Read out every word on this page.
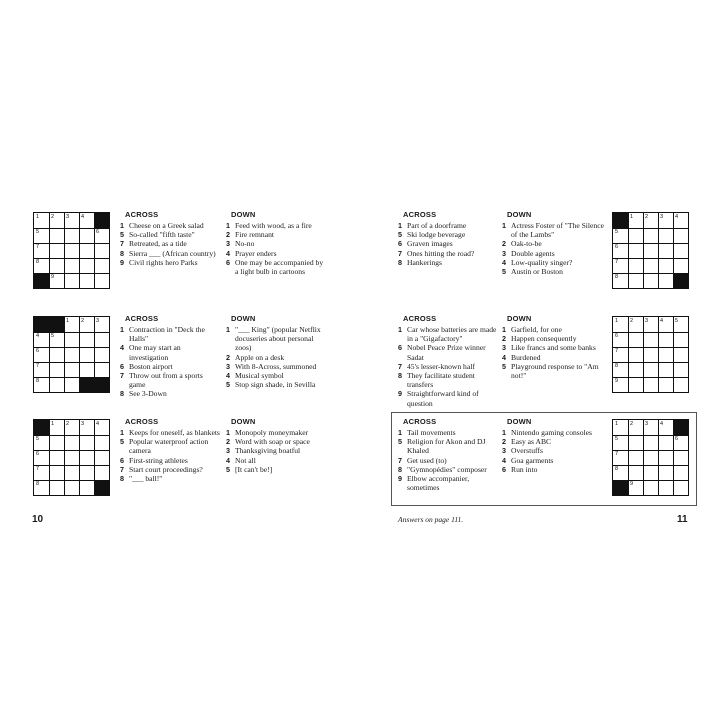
1 2 3 4
5	6
7
8
9
ACROSS
1 Cheese on a Greek salad
5 So-called "fifth taste"
7 Retreated, as a tide
8 Sierra ___ (African country)
9 Civil rights hero Parks
DOWN
1 Feed with wood, as a fire
2 Fire remnant
3 No-no
4 Prayer enders
6 One may be accompanied by a light bulb in cartoons
1 2 3
4 5
6
7
8
ACROSS
1 Contraction in "Deck the Halls"
4 One may start an investigation
6 Boston airport
7 Throw out from a sports game
8 See 3-Down
DOWN
1 "___ King" (popular Netflix docuseries about personal zoos)
2 Apple on a desk
3 With 8-Across, summoned
4 Musical symbol
5 Stop sign shade, in Sevilla
1 2 3 4
5
6
7
8
ACROSS
1 Keeps for oneself, as blankets
5 Popular waterproof action camera
6 First-string athletes
7 Start court proceedings?
8 "___ ball!"
DOWN
1 Monopoly moneymaker
2 Word with soap or space
3 Thanksgiving boatful
4 Not all
5 [It can't be!]
ACROSS
1 Part of a doorframe
5 Ski lodge beverage
6 Graven images
7 Ones hitting the road?
8 Hankerings
DOWN
1 Actress Foster of "The Silence of the Lambs"
2 Oak-to-be
3 Double agents
4 Low-quality singer?
5 Austin or Boston
1 2 3 4
5
6
7
8
ACROSS
1 Car whose batteries are made in a "Gigafactory"
6 Nobel Peace Prize winner Sadat
7 45's lesser-known half
8 They facilitate student transfers
9 Straightforward kind of question
DOWN
1 Garfield, for one
2 Happen consequently
3 Like francs and some banks
4 Burdened
5 Playground response to "Am not!"
1 2 3 4 5
6
7
8
9
ACROSS
1 Tail movements
5 Religion for Akon and DJ Khaled
7 Get used (to)
8 "Gymnopédies" composer
9 Elbow accompanier, sometimes
DOWN
1 Nintendo gaming consoles
2 Easy as ABC
3 Overstuffs
4 Goa garments
6 Run into
1 2 3 4
5	6
7
8
9
10	Answers on page 111.	11
